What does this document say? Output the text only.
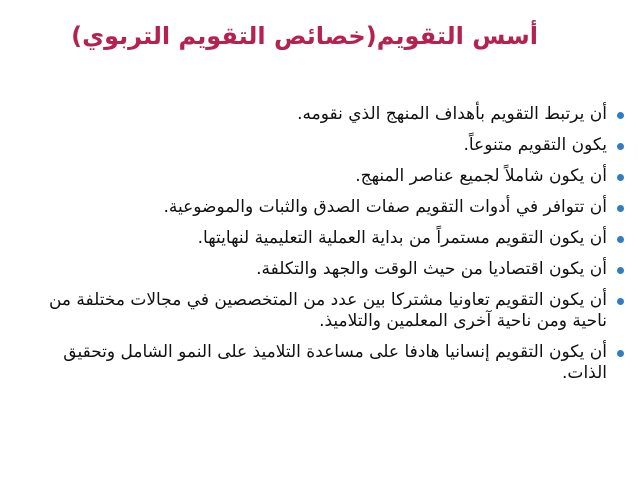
أسس التقويم(خصائص التقويم التربوي)
أن يرتبط التقويم بأهداف المنهج الذي نقومه.
يكون التقويم متنوعاً.
أن يكون شاملاً لجميع عناصر المنهج.
أن تتوافر في أدوات التقويم صفات الصدق والثبات والموضوعية.
أن يكون التقويم مستمراً من بداية العملية التعليمية لنهايتها.
أن يكون اقتصاديا من حيث الوقت والجهد والتكلفة.
أن يكون التقويم تعاونيا مشتركا بين عدد من المتخصصين في مجالات مختلفة من ناحية ومن ناحية آخرى المعلمين والتلاميذ.
أن يكون التقويم إنسانيا هادفا على مساعدة التلاميذ على النمو الشامل وتحقيق الذات.
